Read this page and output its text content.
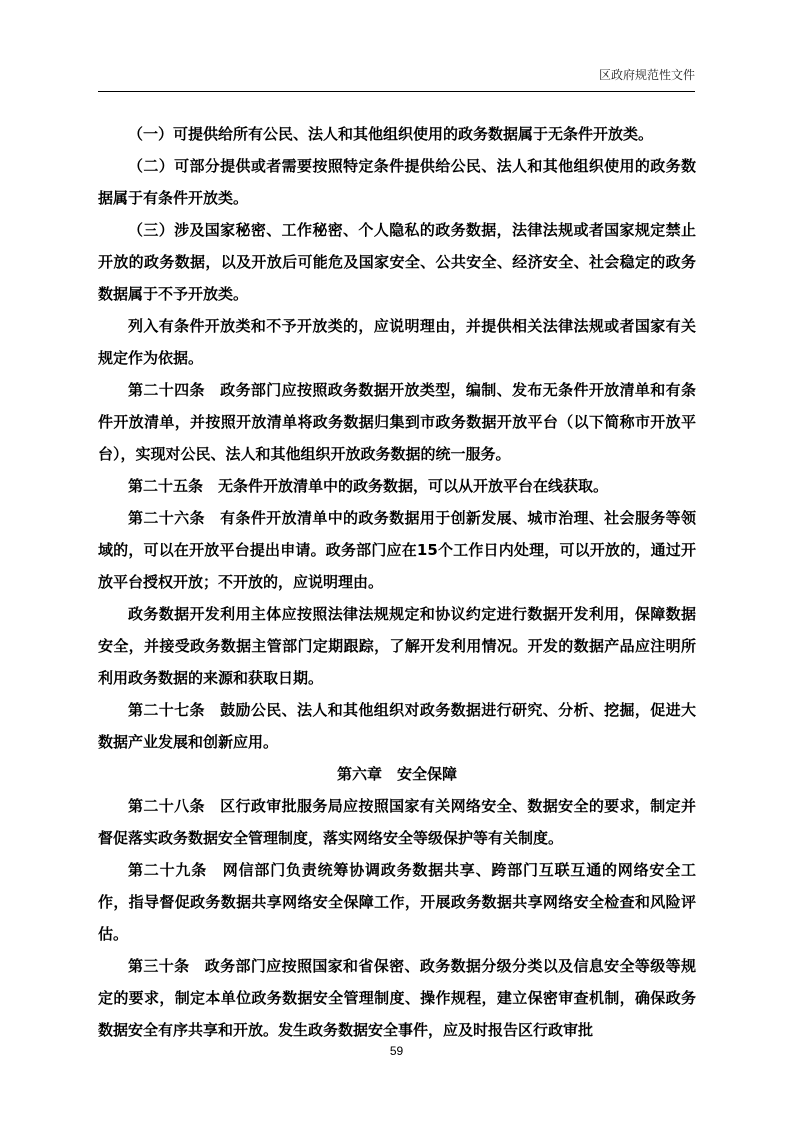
区政府规范性文件

（一）可提供给所有公民、法人和其他组织使用的政务数据属于无条件开放类。

（二）可部分提供或者需要按照特定条件提供给公民、法人和其他组织使用的政务数据属于有条件开放类。

（三）涉及国家秘密、工作秘密、个人隐私的政务数据，法律法规或者国家规定禁止开放的政务数据，以及开放后可能危及国家安全、公共安全、经济安全、社会稳定的政务数据属于不予开放类。

列入有条件开放类和不予开放类的，应说明理由，并提供相关法律法规或者国家有关规定作为依据。

第二十四条　政务部门应按照政务数据开放类型，编制、发布无条件开放清单和有条件开放清单，并按照开放清单将政务数据归集到市政务数据开放平台（以下简称市开放平台），实现对公民、法人和其他组织开放政务数据的统一服务。

第二十五条　无条件开放清单中的政务数据，可以从开放平台在线获取。

第二十六条　有条件开放清单中的政务数据用于创新发展、城市治理、社会服务等领域的，可以在开放平台提出申请。政务部门应在15个工作日内处理，可以开放的，通过开放平台授权开放；不开放的，应说明理由。

政务数据开发利用主体应按照法律法规规定和协议约定进行数据开发利用，保障数据安全，并接受政务数据主管部门定期跟踪，了解开发利用情况。开发的数据产品应注明所利用政务数据的来源和获取日期。

第二十七条　鼓励公民、法人和其他组织对政务数据进行研究、分析、挖掘，促进大数据产业发展和创新应用。

第六章　安全保障

第二十八条　区行政审批服务局应按照国家有关网络安全、数据安全的要求，制定并督促落实政务数据安全管理制度，落实网络安全等级保护等有关制度。

第二十九条　网信部门负责统筹协调政务数据共享、跨部门互联互通的网络安全工作，指导督促政务数据共享网络安全保障工作，开展政务数据共享网络安全检查和风险评估。

第三十条　政务部门应按照国家和省保密、政务数据分级分类以及信息安全等级等规定的要求，制定本单位政务数据安全管理制度、操作规程，建立保密审查机制，确保政务数据安全有序共享和开放。发生政务数据安全事件，应及时报告区行政审批

59
